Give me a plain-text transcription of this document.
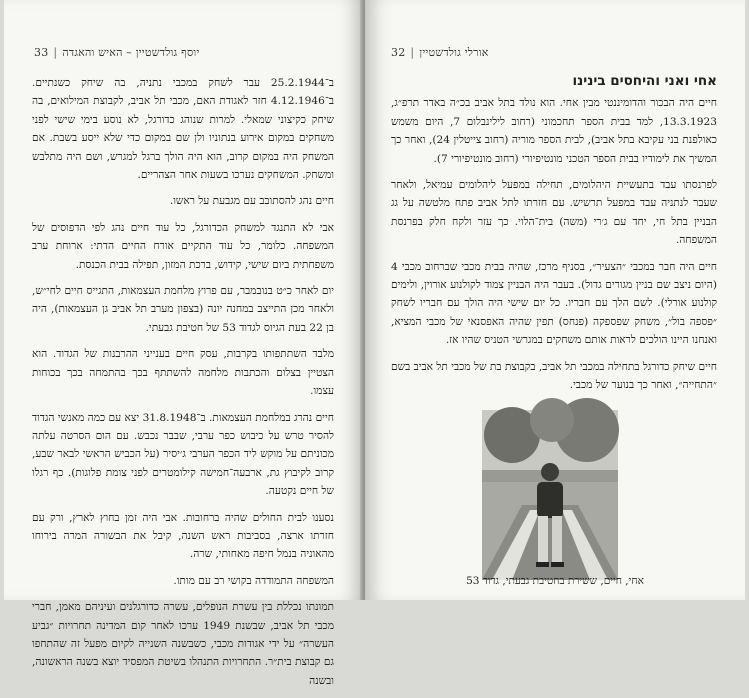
33 | יוסף גולדשטיין – האיש והאגדה

ב־25.2.1944 עבר לשחק במכבי נתניה, בה שיחק כשנתיים. ב־4.12.1946 חזר לאגודת האם, מכבי תל אביב, לקבוצת המילואים, בה שיחק כקיצוני שמאלי. למרות שנוהג כדורגל, לא נוסע בימי שישי לפני משחקים במקום אירוע בנתוניו ולן שם במקום כדי שלא ייסע בשבת. אם המשחק היה במקום קרוב, הוא היה הולך ברגל למגרש, ושם היה מתלבש ומשחק. המשחקים נערכו בשעות אחר הצהריים.

חיים נהג להסתובב עם מגבעת על ראשו.

אבי לא התנגד למשחק הכדורגל, כל עוד חיים נהג לפי הדפוסים של המשפחה. כלומר, כל עוד התקיים אורח החיים הדתי: ארוחת ערב משפחתית ביום שישי, קידוש, ברכת המזון, תפילה בבית הכנסת.

יום לאחר כ״ט בנובמבר, עם פרוץ מלחמת העצמאות, התגייס חיים לחי״ש, ולאחר מכן התייצב במחנה יונה (בצפון מערב תל אביב גן העצמאות), היה בן 22 בעת הגיוס לגדוד 53 של חטיבת גבעתי.

מלבד השתתפותו בקרבות, עסק חיים בענייני ההרבנות של הגדוד. הוא הצטיין בצלום והכתבות מלחמה להשתתף בכך בהתמחה בכך בכוחות עצמו.

חיים נהרג במלחמת העצמאות. ב־31.8.1948 יצא עם כמה מאנשי הגדוד להסיר טרש על כיבוש כפר ערבי, שבבר נכבש. עם הום הסרטה עלתה מכוניתם על מוקש ליד הכפר הערבי ג׳יסיר (על הכביש הראשי לבאר שבע, קרוב לקיבוץ גת, ארבעה־חמישה קילומטרים לפני צומת פלוגות). כף רגלו של חיים נקטעה.

נסענו לבית החולים שהיה ברחובות. אבי היה זמן בחוץ לארץ, ורק עם חזרתו ארצה, בסביבות ראש השנה, קיבל את הבשורה המרה בירוחו מהאוניה בנמל חיפה מאחותי, שרה.

המשפחה התמודדה בקושי רב עם מותו.

תמונתו נכללת בין עשרת הנופלים, עשרה כדורגלנים ועיניהם מאמן, חברי מכבי תל אביב, שבשנת 1949 ערכו לאחר קום המדינה תחרויות ״גביע העשרה״ על ידי אגודות מכבי, כשבשנה השנייה לקיום מפעל זה שהתחפו גם קבוצת בית״ר. התחרויות התנהלו בשיטת המפסיד יוצא בשנה הראשונה, ובשנה

32 | אורלי גולדשטיין
אחי ואני והיחסים בינינו

חיים היה הבכור והדומיננטי מבין אחי. הוא נולד בתל אביב בכ״ה באדר תרפ״ג, 13.3.1923, למד בבית הספר תחכמוני (רחוב לילינבלום 7, היום משמש כאולפנת בני עקיבא בתל אביב), לבית הספר מוריה (רחוב צייטלין 24), ואחר כך המשיך את לימודיו בבית הספר הטכני מונטיפיורי (רחוב מונטיפיורי 7).

לפרנסתו עבד בתעשיית היהלומים, תחילה במפעל ליהלומים עמיאל, ולאחר שעבר לנתניה עבד במפעל תרשיש. עם חזרתו לתל אביב פתח מלטשה על גג הבניין בתל חי, יחד עם ג׳רי (משה) בית־הלוי. כך עזר ולקח חלק בפרנסת המשפחה.

חיים היה חבר במכבי ״הצעיר״, בסניף מרכז, שהיה בבית מכבי שברחוב מכבי 4 (היום ניצב שם בניין מגורים גדול). בעבר היה הבניין צמוד לקולנוע אורוין, ולימים קולנוע אורלי). לשם הלך עם חבריו. כל יום שישי היה הולך עם חבריו לשחק ״פספה בול״, משחק שפספקה (פנחס) תפין שהיה האפסנאי של מכבי המציא, ואנחנו היינו הולכים לראות אותם משחקים במגרשי הטניס שהיו אז.

חיים שיחק כדורגל בתחילה במכבי תל אביב, בקבוצת בת של מכבי תל אביב בשם ״התחייה״, ואחר כך בנוער של מכבי.

אחי, חיים, ששירת בחטיבת גבעתי, גדוד 53
